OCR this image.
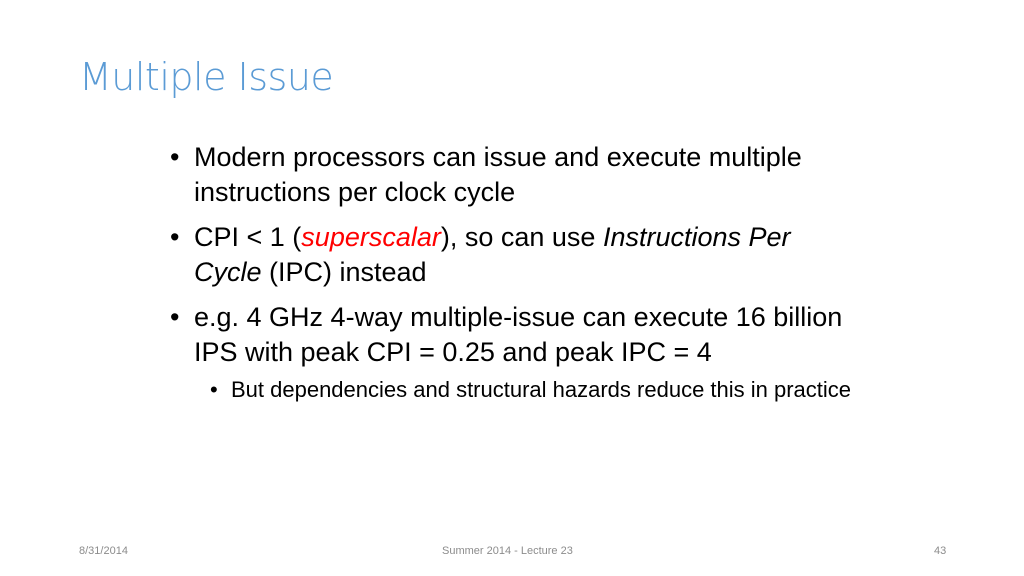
Multiple Issue
• Modern processors can issue and execute multiple instructions per clock cycle
• CPI < 1 (superscalar), so can use Instructions Per Cycle (IPC) instead
• e.g. 4 GHz 4-way multiple-issue can execute 16 billion IPS with peak CPI = 0.25 and peak IPC = 4
• But dependencies and structural hazards reduce this in practice
8/31/2014	Summer 2014 - Lecture 23	43
